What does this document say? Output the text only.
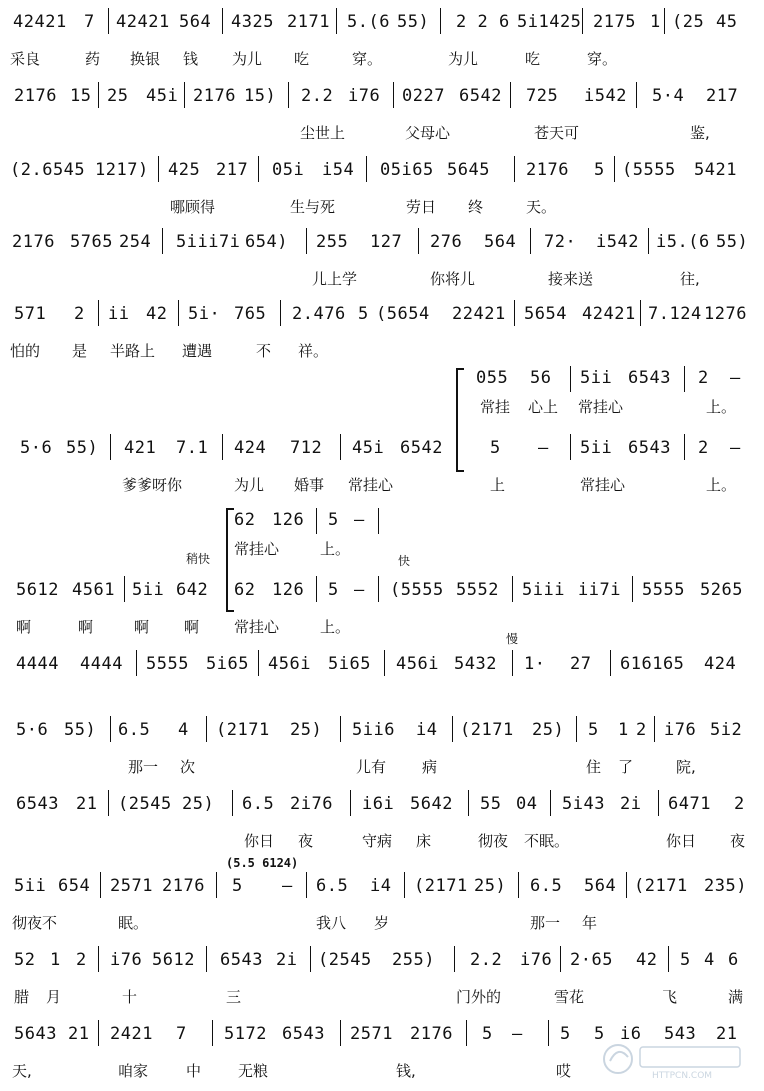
42421 7 42421 564 4325 2171 5.(6 55) 2 2 6 5i1425 2175 1 (25 45
采良	药 换银 钱 为儿 吃	穿。	为儿	吃	穿。
2176 15 25 45i 2176 15) 2.2 i76 0227 6542 725 i542 5·4 217
尘世上	父母心	苍天可	鉴,
(2.6545 1217) 425 217 05i i54 05i65 5645 2176 5 (5555 5421
哪顾得	生与死	劳日 终	天。
2176 5765 254 5iii7i 654) 255 127 276 564 72· i542 i5.(6 55)
儿上学	你将儿	接来送	往,
571 2 ii 42 5i· 765 2.476 5 (5654 22421 5654 42421 7.124 1276
怕的 是 半路上 遭遇	不 祥。
055 56 5ii 6543 2 —
常挂 心上 常挂心	上。
5·6 55) 421 7.1 424 712 45i 6542	5 — 5ii 6543 2 —
爹爹呀你	为儿 婚事 常挂心	上	常挂心	上。
62 126 5 —
常挂心	上。
稍快	快
5612 4561 5ii 642 62 126 5 — (5555 5552 5iii ii7i 5555 5265
啊	啊	啊 啊 常挂心	上。
慢
4444 4444 5555 5i65 456i 5i65 456i 5432 1· 27 616165 424
5·6 55) 6.5 4 (2171 25) 5ii6 i4 (2171 25) 5 1 2 i76 5i2
那一 次	儿有 病	住 了	院,
6543 21 (2545 25) 6.5 2i76 i6i 5642 55 04 5i43 2i 6471 2
你日 夜	守病 床	彻夜 不眠。	你日 夜
(5.5 6124)
5ii 654 2571 2176 5 — 6.5 i4 (2171 25) 6.5 564 (2171 235)
彻夜不	眠。	我八 岁	那一 年
52 1 2 i76 5612 6543 2i (2545 255) 2.2 i76 2·65 42 5 4 6
腊 月	十	三	门外的	雪花	飞	满
5643 21 2421 7 5172 6543 2571 2176 5 — 5 5 i6 543 21
天,	咱家	中 无粮	钱,	哎	HTTPCN.COM
